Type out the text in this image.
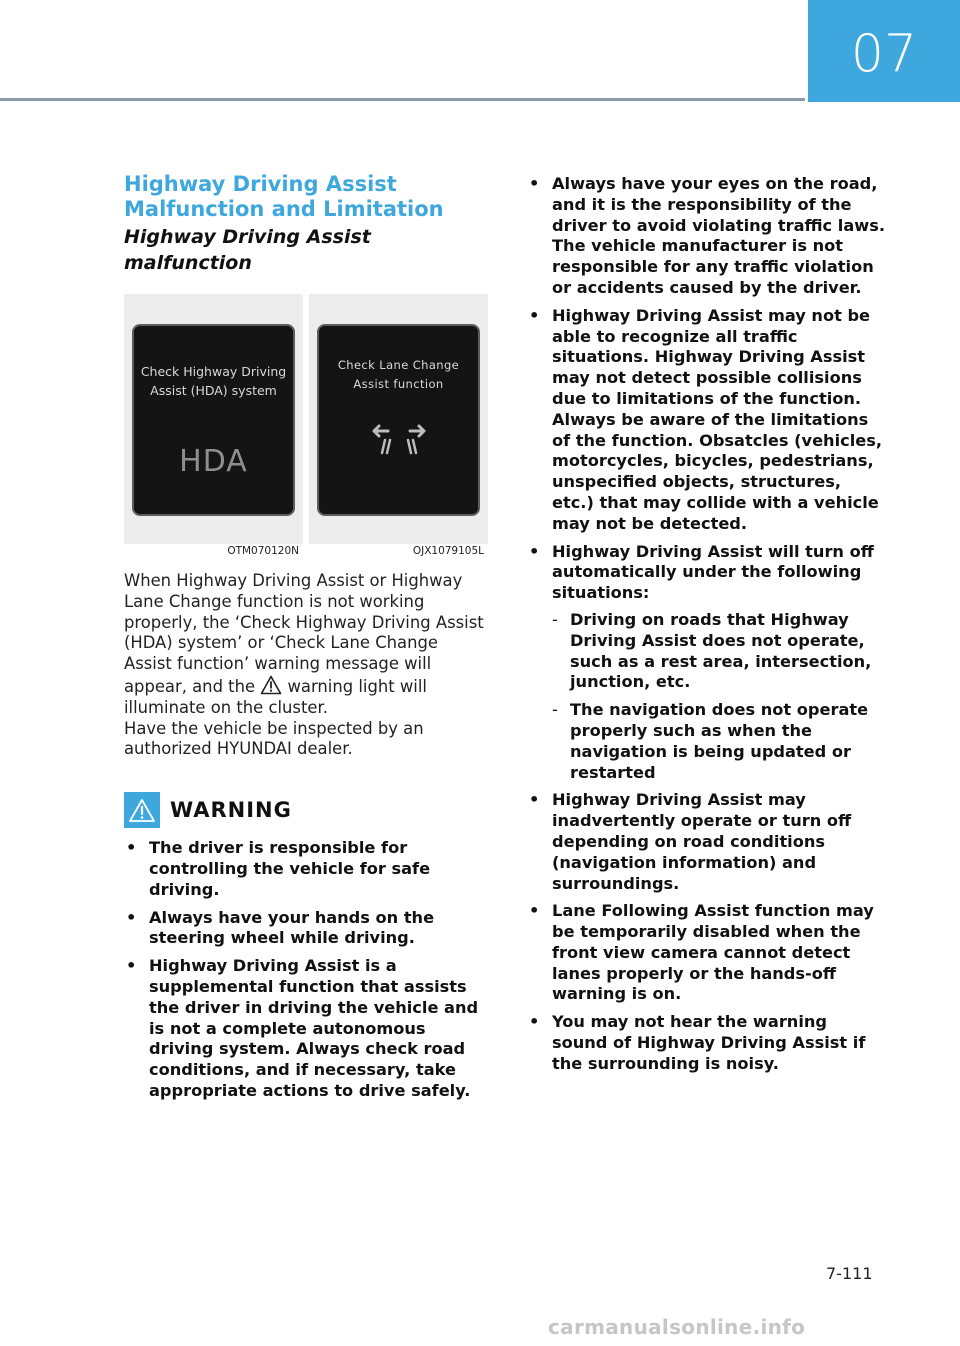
07
Highway Driving Assist
Malfunction and Limitation
Highway Driving Assist malfunction
Check Highway Driving
Assist (HDA) system
HDA
OTM070120N
Check Lane Change
Assist function
OJX1079105L

When Highway Driving Assist or Highway Lane Change function is not working properly, the ‘Check Highway Driving Assist (HDA) system’ or ‘Check Lane Change Assist function’ warning message will appear, and the  warning light will illuminate on the cluster.
Have the vehicle be inspected by an authorized HYUNDAI dealer.

WARNING
• The driver is responsible for controlling the vehicle for safe driving.
• Always have your hands on the steering wheel while driving.
• Highway Driving Assist is a supplemental function that assists the driver in driving the vehicle and is not a complete autonomous driving system. Always check road conditions, and if necessary, take appropriate actions to drive safely.
• Always have your eyes on the road, and it is the responsibility of the driver to avoid violating traffic laws. The vehicle manufacturer is not responsible for any traffic violation or accidents caused by the driver.
• Highway Driving Assist may not be able to recognize all traffic situations. Highway Driving Assist may not detect possible collisions due to limitations of the function. Always be aware of the limitations of the function. Obsatcles (vehicles, motorcycles, bicycles, pedestrians, unspecified objects, structures, etc.) that may collide with a vehicle may not be detected.
• Highway Driving Assist will turn off automatically under the following situations:
- Driving on roads that Highway Driving Assist does not operate, such as a rest area, intersection, junction, etc.
- The navigation does not operate properly such as when the navigation is being updated or restarted
• Highway Driving Assist may inadvertently operate or turn off depending on road conditions (navigation information) and surroundings.
• Lane Following Assist function may be temporarily disabled when the front view camera cannot detect lanes properly or the hands-off warning is on.
• You may not hear the warning sound of Highway Driving Assist if the surrounding is noisy.
7-111
carmanualsonline.info
